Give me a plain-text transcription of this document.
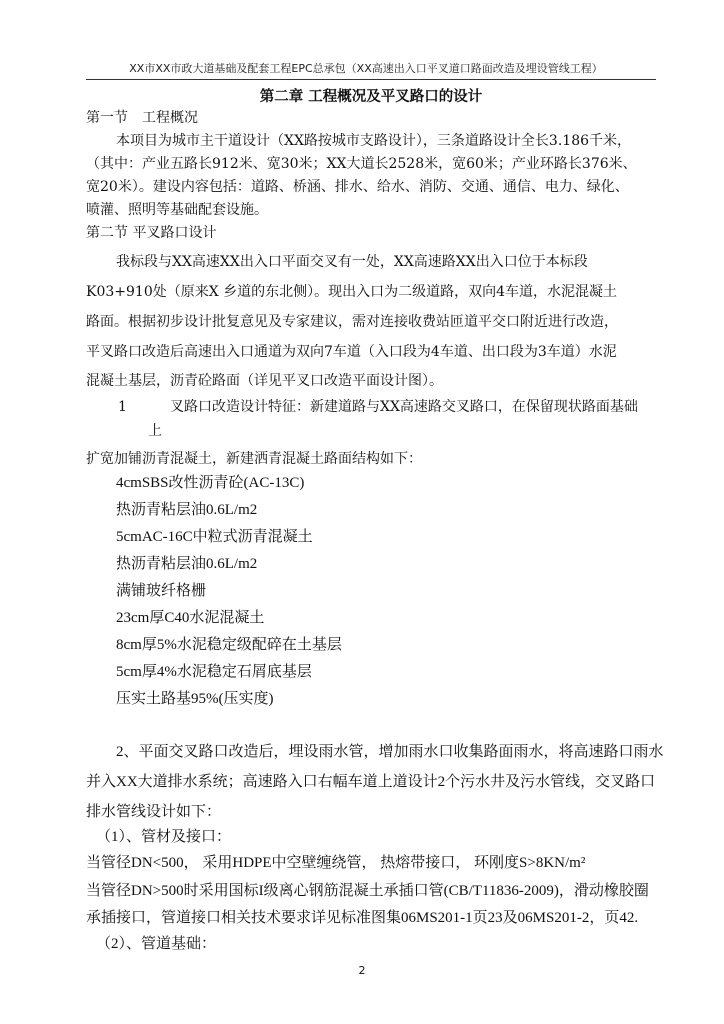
XX市XX市政大道基础及配套工程EPC总承包（XX高速出入口平叉道口路面改造及埋设管线工程）
第二章 工程概况及平叉路口的设计
第一节 工程概况
本项目为城市主干道设计（XX路按城市支路设计），三条道路设计全长3.186千米，
（其中：产业五路长912米、宽30米；XX大道长2528米，宽60米；产业环路长376米、
宽20米）。建设内容包括：道路、桥涵、排水、给水、消防、交通、通信、电力、绿化、
喷灌、照明等基础配套设施。
第二节 平叉路口设计
我标段与XX高速XX出入口平面交叉有一处，XX高速路XX出入口位于本标段
K03+910处（原来X 乡道的东北侧）。现出入口为二级道路，双向4车道，水泥混凝土
路面。根据初步设计批复意见及专家建议，需对连接收费站匝道平交口附近进行改造，
平叉路口改造后高速出入口通道为双向7车道（入口段为4车道、出口段为3车道）水泥
混凝土基层，沥青砼路面（详见平叉口改造平面设计图）。
1	叉路口改造设计特征：新建道路与XX高速路交叉路口，在保留现状路面基础
上
扩宽加铺沥青混凝土，新建洒青混凝土路面结构如下：
4cmSBS改性沥青砼(AC-13C)
热沥青粘层油0.6L/m2
5cmAC-16C中粒式沥青混凝土
热沥青粘层油0.6L/m2
满铺玻纤格栅
23cm厚C40水泥混凝土
8cm厚5%水泥稳定级配碎在土基层
5cm厚4%水泥稳定石屑底基层
压实土路基95%(压实度)
2、平面交叉路口改造后，埋设雨水管，增加雨水口收集路面雨水，将高速路口雨水
并入XX大道排水系统；高速路入口右幅车道上道设计2个污水井及污水管线，交叉路口
排水管线设计如下：
（1）、管材及接口：
当管径DN<500， 采用HDPE中空壁缠绕管， 热熔带接口， 环刚度S>8KN/m²
当管径DN>500时采用国标I级离心钢筋混凝土承插口管(CB/T11836-2009)，滑动橡胶圈
承插接口，管道接口相关技术要求详见标准图集06MS201-1页23及06MS201-2，页42.
（2）、管道基础：
2
